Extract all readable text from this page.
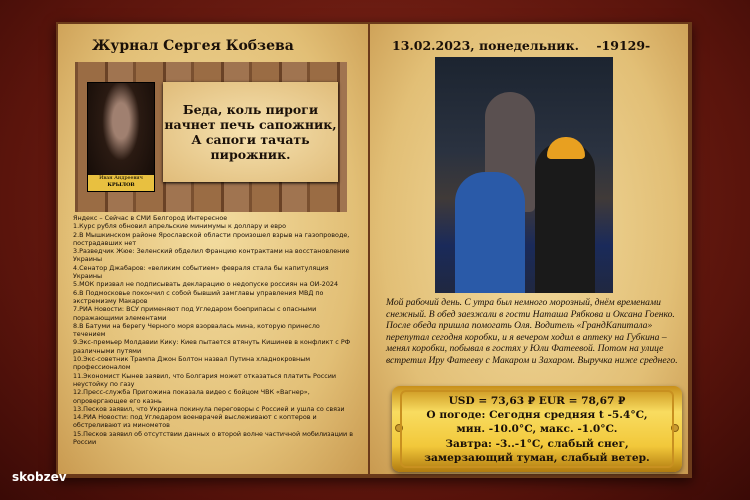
Журнал Сергея Кобзева
Иван Андреевич
КРЫЛОВ
Беда, коль пироги
начнет печь сапожник,
А сапоги тачать
пирожник.
Яндекс – Сейчас в СМИ Белгород Интересное
1.Курс рубля обновил апрельские минимумы к доллару и евро
2.В Мышкинском районе Ярославской области произошел взрыв на газопроводе, пострадавших нет
3.Разведчик Жюе: Зеленский обделил Францию контрактами на восстановление Украины
4.Сенатор Джабаров: «великим событием» февраля стала бы капитуляция Украины
5.МОК призвал не подписывать декларацию о недопуске россиян на ОИ-2024
6.В Подмосковье покончил с собой бывший замглавы управления МВД по экстремизму Макаров
7.РИА Новости: ВСУ применяют под Угледаром боеприпасы с опасными поражающими элементами
8.В Батуми на берегу Черного моря взорвалась мина, которую принесло течением
9.Экс-премьер Молдавии Кику: Киев пытается втянуть Кишинев в конфликт с РФ различными путями
10.Экс-советник Трампа Джон Болтон назвал Путина хладнокровным профессионалом
11.Экономист Кынев заявил, что Болгария может отказаться платить России неустойку по газу
12.Пресс-служба Пригожина показала видео с бойцом ЧВК «Вагнер», опровергающее его казнь
13.Песков заявил, что Украина покинула переговоры с Россией и ушла со связи
14.РИА Новости: под Угледаром военврачей выслеживают с коптеров и обстреливают из минометов
15.Песков заявил об отсутствии данных о второй волне частичной мобилизации в России
13.02.2023, понедельник.    -19129-
Мой рабочий день. С утра был немного морозный, днём временами снежный. В обед заезжали в гости Наташа Рябкова и Оксана Гоенко. После обеда пришла помогать Оля. Водитель «ГрандКапитала» перепутал сегодня коробки, и я вечером ходил в аптеку на Губкина – менял коробки, побывал в гостях у Юли Фатеевой. Потом на улице встретил Иру Фатееву с Макаром и Захаром. Выручка ниже среднего.
USD = 73,63 ₽ EUR = 78,67 ₽
О погоде: Сегодня средняя t -5.4°C,
мин. -10.0°C, макс. -1.0°C.
Завтра: -3..-1°C, слабый снег,
замерзающий туман, слабый ветер.
skobzev
